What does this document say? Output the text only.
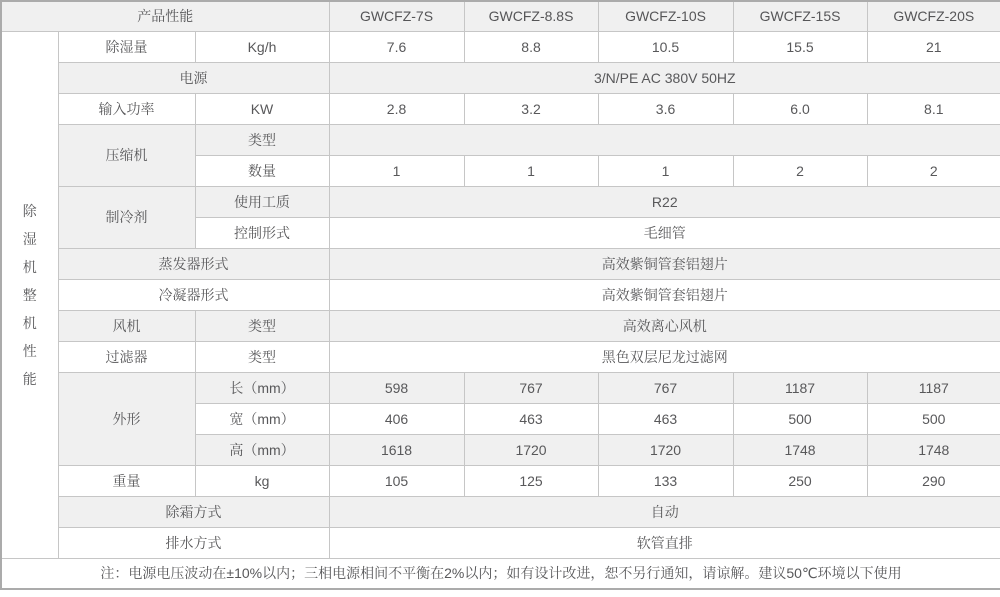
产品性能			GWCFZ-7S	GWCFZ-8.8S	GWCFZ-10S	GWCFZ-15S	GWCFZ-20S

除湿机整机性能	除湿量	Kg/h	7.6	8.8	10.5	15.5	21
	电源		3/N/PE AC 380V 50HZ				
	输入功率	KW	2.8	3.2	3.6	6.0	8.1
	压缩机	类型					
		数量	1	1	1	2	2
	制冷剂	使用工质	R22				
		控制形式	毛细管				
	蒸发器形式		高效紫铜管套铝翅片				
	冷凝器形式		高效紫铜管套铝翅片				
	风机	类型	高效离心风机				
	过滤器	类型	黑色双层尼龙过滤网				
	外形	长（mm）	598	767	767	1187	1187
		宽（mm）	406	463	463	500	500
		高（mm）	1618	1720	1720	1748	1748
	重量	kg	105	125	133	250	290
	除霜方式		自动				
	排水方式		软管直排				
注：电源电压波动在±10%以内；三相电源相间不平衡在2%以内；如有设计改进，恕不另行通知，请谅解。建议50℃环境以下使用							
